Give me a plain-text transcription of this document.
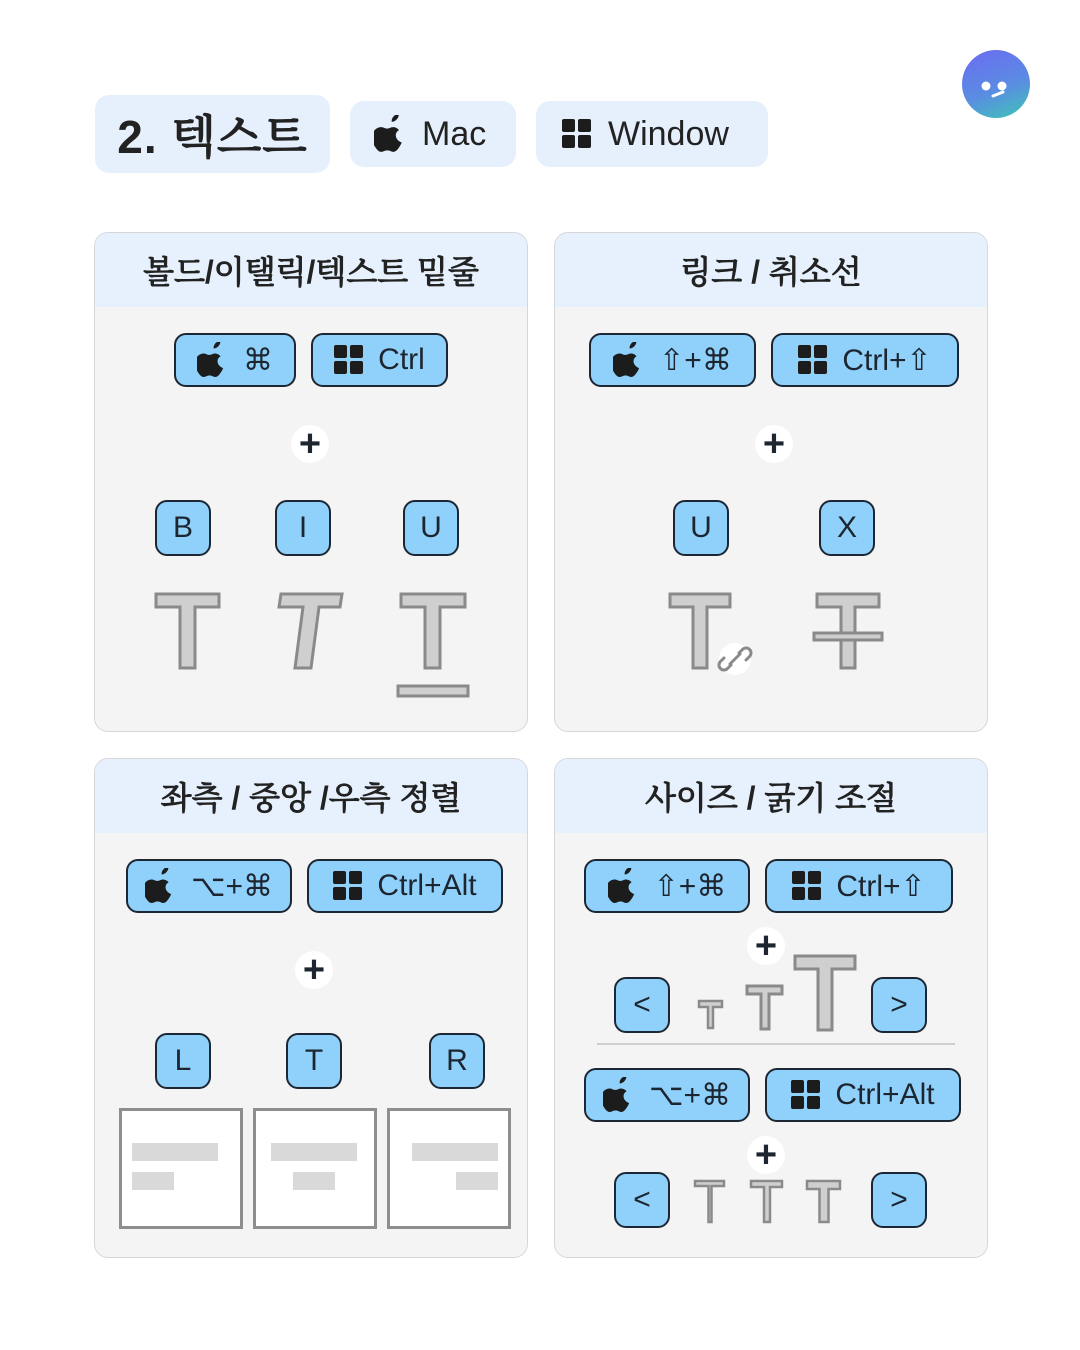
2. 텍스트	Mac	Window
볼드/이탤릭/텍스트 밑줄
⌘	Ctrl
+
B	I	U
링크 / 취소선
⇧+⌘	Ctrl+⇧
+
U	X
좌측 / 중앙 /우측 정렬
⌥+⌘	Ctrl+Alt
+
L	T	R
사이즈 / 굵기 조절
⇧+⌘	Ctrl+⇧
+
<	>
⌥+⌘	Ctrl+Alt
+
<	>
